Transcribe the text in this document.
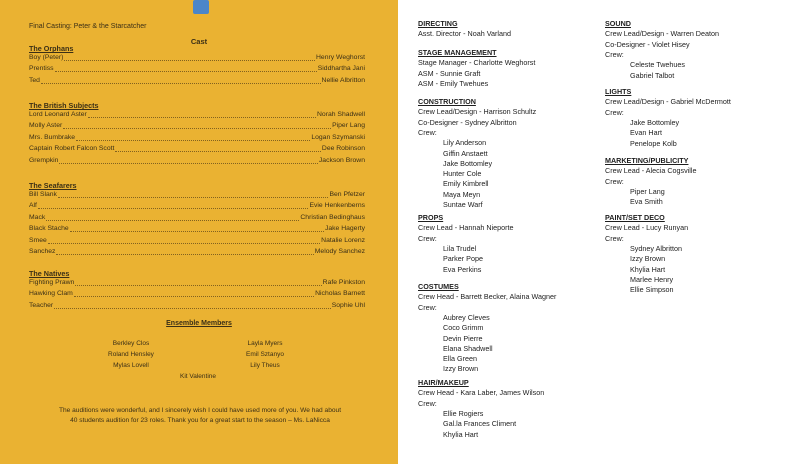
Final Casting: Peter & the Starcatcher
Cast
The Orphans
Boy (Peter)	Henry Weghorst
Prentiss	Siddhartha Jani
Ted	Nellie Albritton
The British Subjects
Lord Leonard Aster	Norah Shadwell
Molly Aster	Piper Lang
Mrs. Bumbrake	Logan Szymanski
Captain Robert Falcon Scott	Dee Robinson
Grempkin	Jackson Brown
The Seafarers
Bill Slank	Ben Pfetzer
Alf	Evie Henkenberns
Mack	Christian Bedinghaus
Black Stache	Jake Hagerty
Smee	Natalie Lorenz
Sanchez	Melody Sanchez
The Natives
Fighting Prawn	Rafe Pinkston
Hawking Clam	Nicholas Barnett
Teacher	Sophie Uhl
Ensemble Members
Berkley Clos	Layla Myers
Roland Hensley	Emil Sztanyo
Mylas Lovell	Lily Theus
Kit Valentine
The auditions were wonderful, and I sincerely wish I could have used more of you. We had about
40 students audition for 23 roles. Thank you for a great start to the season – Ms. LaNicca
DIRECTING
Asst. Director - Noah Varland
STAGE MANAGEMENT
Stage Manager - Charlotte Weghorst
ASM - Sunnie Graft
ASM - Emily Twehues
CONSTRUCTION
Crew Lead/Design - Harrison Schultz
Co-Designer - Sydney Albritton
Crew:
Lily Anderson
Giffin Anstaett
Jake Bottomley
Hunter Cole
Emily Kimbrell
Maya Meyn
Suntae Warf
PROPS
Crew Lead - Hannah Nieporte
Crew:
Lila Trudel
Parker Pope
Eva Perkins
COSTUMES
Crew Head - Barrett Becker, Alaina Wagner
Crew:
Aubrey Cleves
Coco Grimm
Devin Pierre
Elana Shadwell
Ella Green
Izzy Brown
HAIR/MAKEUP
Crew Head - Kara Laber, James Wilson
Crew:
Ellie Rogiers
Gal.la Frances Climent
Khylia Hart
SOUND
Crew Lead/Design - Warren Deaton
Co-Designer - Violet Hisey
Crew:
Celeste Twehues
Gabriel Talbot
LIGHTS
Crew Lead/Design - Gabriel McDermott
Crew:
Jake Bottomley
Evan Hart
Penelope Kolb
MARKETING/PUBLICITY
Crew Lead - Alecia Cogsville
Crew:
Piper Lang
Eva Smith
PAINT/SET DECO
Crew Lead - Lucy Runyan
Crew:
Sydney Albritton
Izzy Brown
Khylia Hart
Marlee Henry
Ellie Simpson
